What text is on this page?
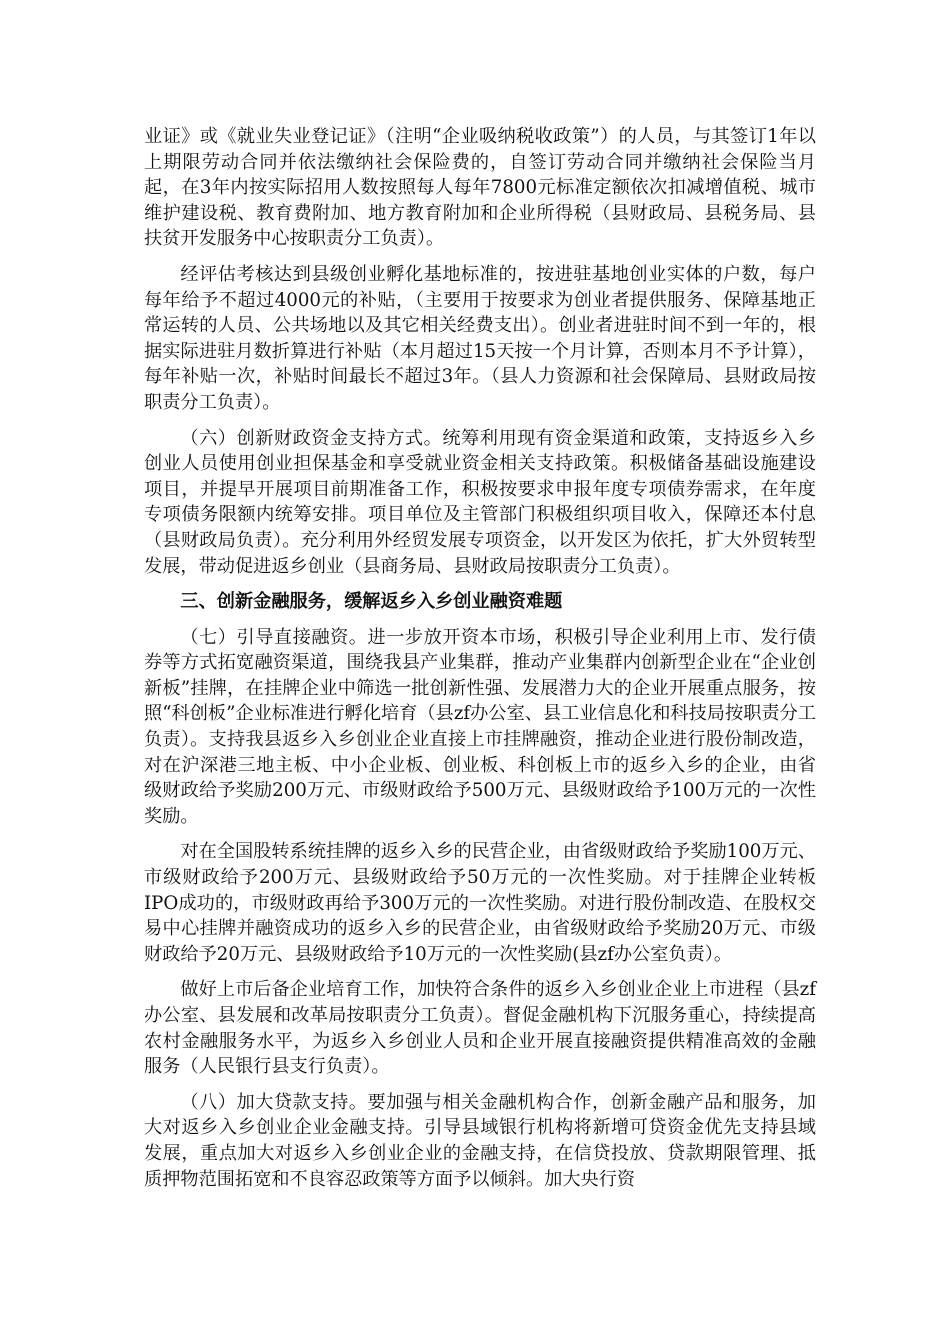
业证》或《就业失业登记证》（注明“企业吸纳税收政策”）的人员，与其签订1年以上期限劳动合同并依法缴纳社会保险费的，自签订劳动合同并缴纳社会保险当月起，在3年内按实际招用人数按照每人每年7800元标准定额依次扣减增值税、城市维护建设税、教育费附加、地方教育附加和企业所得税（县财政局、县税务局、县扶贫开发服务中心按职责分工负责）。

经评估考核达到县级创业孵化基地标准的，按进驻基地创业实体的户数，每户每年给予不超过4000元的补贴，（主要用于按要求为创业者提供服务、保障基地正常运转的人员、公共场地以及其它相关经费支出）。创业者进驻时间不到一年的，根据实际进驻月数折算进行补贴（本月超过15天按一个月计算，否则本月不予计算），每年补贴一次，补贴时间最长不超过3年。（县人力资源和社会保障局、县财政局按职责分工负责）。

（六）创新财政资金支持方式。统筹利用现有资金渠道和政策，支持返乡入乡创业人员使用创业担保基金和享受就业资金相关支持政策。积极储备基础设施建设项目，并提早开展项目前期准备工作，积极按要求申报年度专项债券需求，在年度专项债务限额内统筹安排。项目单位及主管部门积极组织项目收入，保障还本付息（县财政局负责）。充分利用外经贸发展专项资金，以开发区为依托，扩大外贸转型发展，带动促进返乡创业（县商务局、县财政局按职责分工负责）。

三、创新金融服务，缓解返乡入乡创业融资难题

（七）引导直接融资。进一步放开资本市场，积极引导企业利用上市、发行债券等方式拓宽融资渠道，围绕我县产业集群，推动产业集群内创新型企业在“企业创新板”挂牌，在挂牌企业中筛选一批创新性强、发展潜力大的企业开展重点服务，按照“科创板”企业标准进行孵化培育（县zf办公室、县工业信息化和科技局按职责分工负责）。支持我县返乡入乡创业企业直接上市挂牌融资，推动企业进行股份制改造，对在沪深港三地主板、中小企业板、创业板、科创板上市的返乡入乡的企业，由省级财政给予奖励200万元、市级财政给予500万元、县级财政给予100万元的一次性奖励。

对在全国股转系统挂牌的返乡入乡的民营企业，由省级财政给予奖励100万元、市级财政给予200万元、县级财政给予50万元的一次性奖励。对于挂牌企业转板IPO成功的，市级财政再给予300万元的一次性奖励。对进行股份制改造、在股权交易中心挂牌并融资成功的返乡入乡的民营企业，由省级财政给予奖励20万元、市级财政给予20万元、县级财政给予10万元的一次性奖励(县zf办公室负责）。

做好上市后备企业培育工作，加快符合条件的返乡入乡创业企业上市进程（县zf办公室、县发展和改革局按职责分工负责）。督促金融机构下沉服务重心，持续提高农村金融服务水平，为返乡入乡创业人员和企业开展直接融资提供精准高效的金融服务（人民银行县支行负责）。

（八）加大贷款支持。要加强与相关金融机构合作，创新金融产品和服务，加大对返乡入乡创业企业金融支持。引导县域银行机构将新增可贷资金优先支持县域发展，重点加大对返乡入乡创业企业的金融支持，在信贷投放、贷款期限管理、抵质押物范围拓宽和不良容忍政策等方面予以倾斜。加大央行资
